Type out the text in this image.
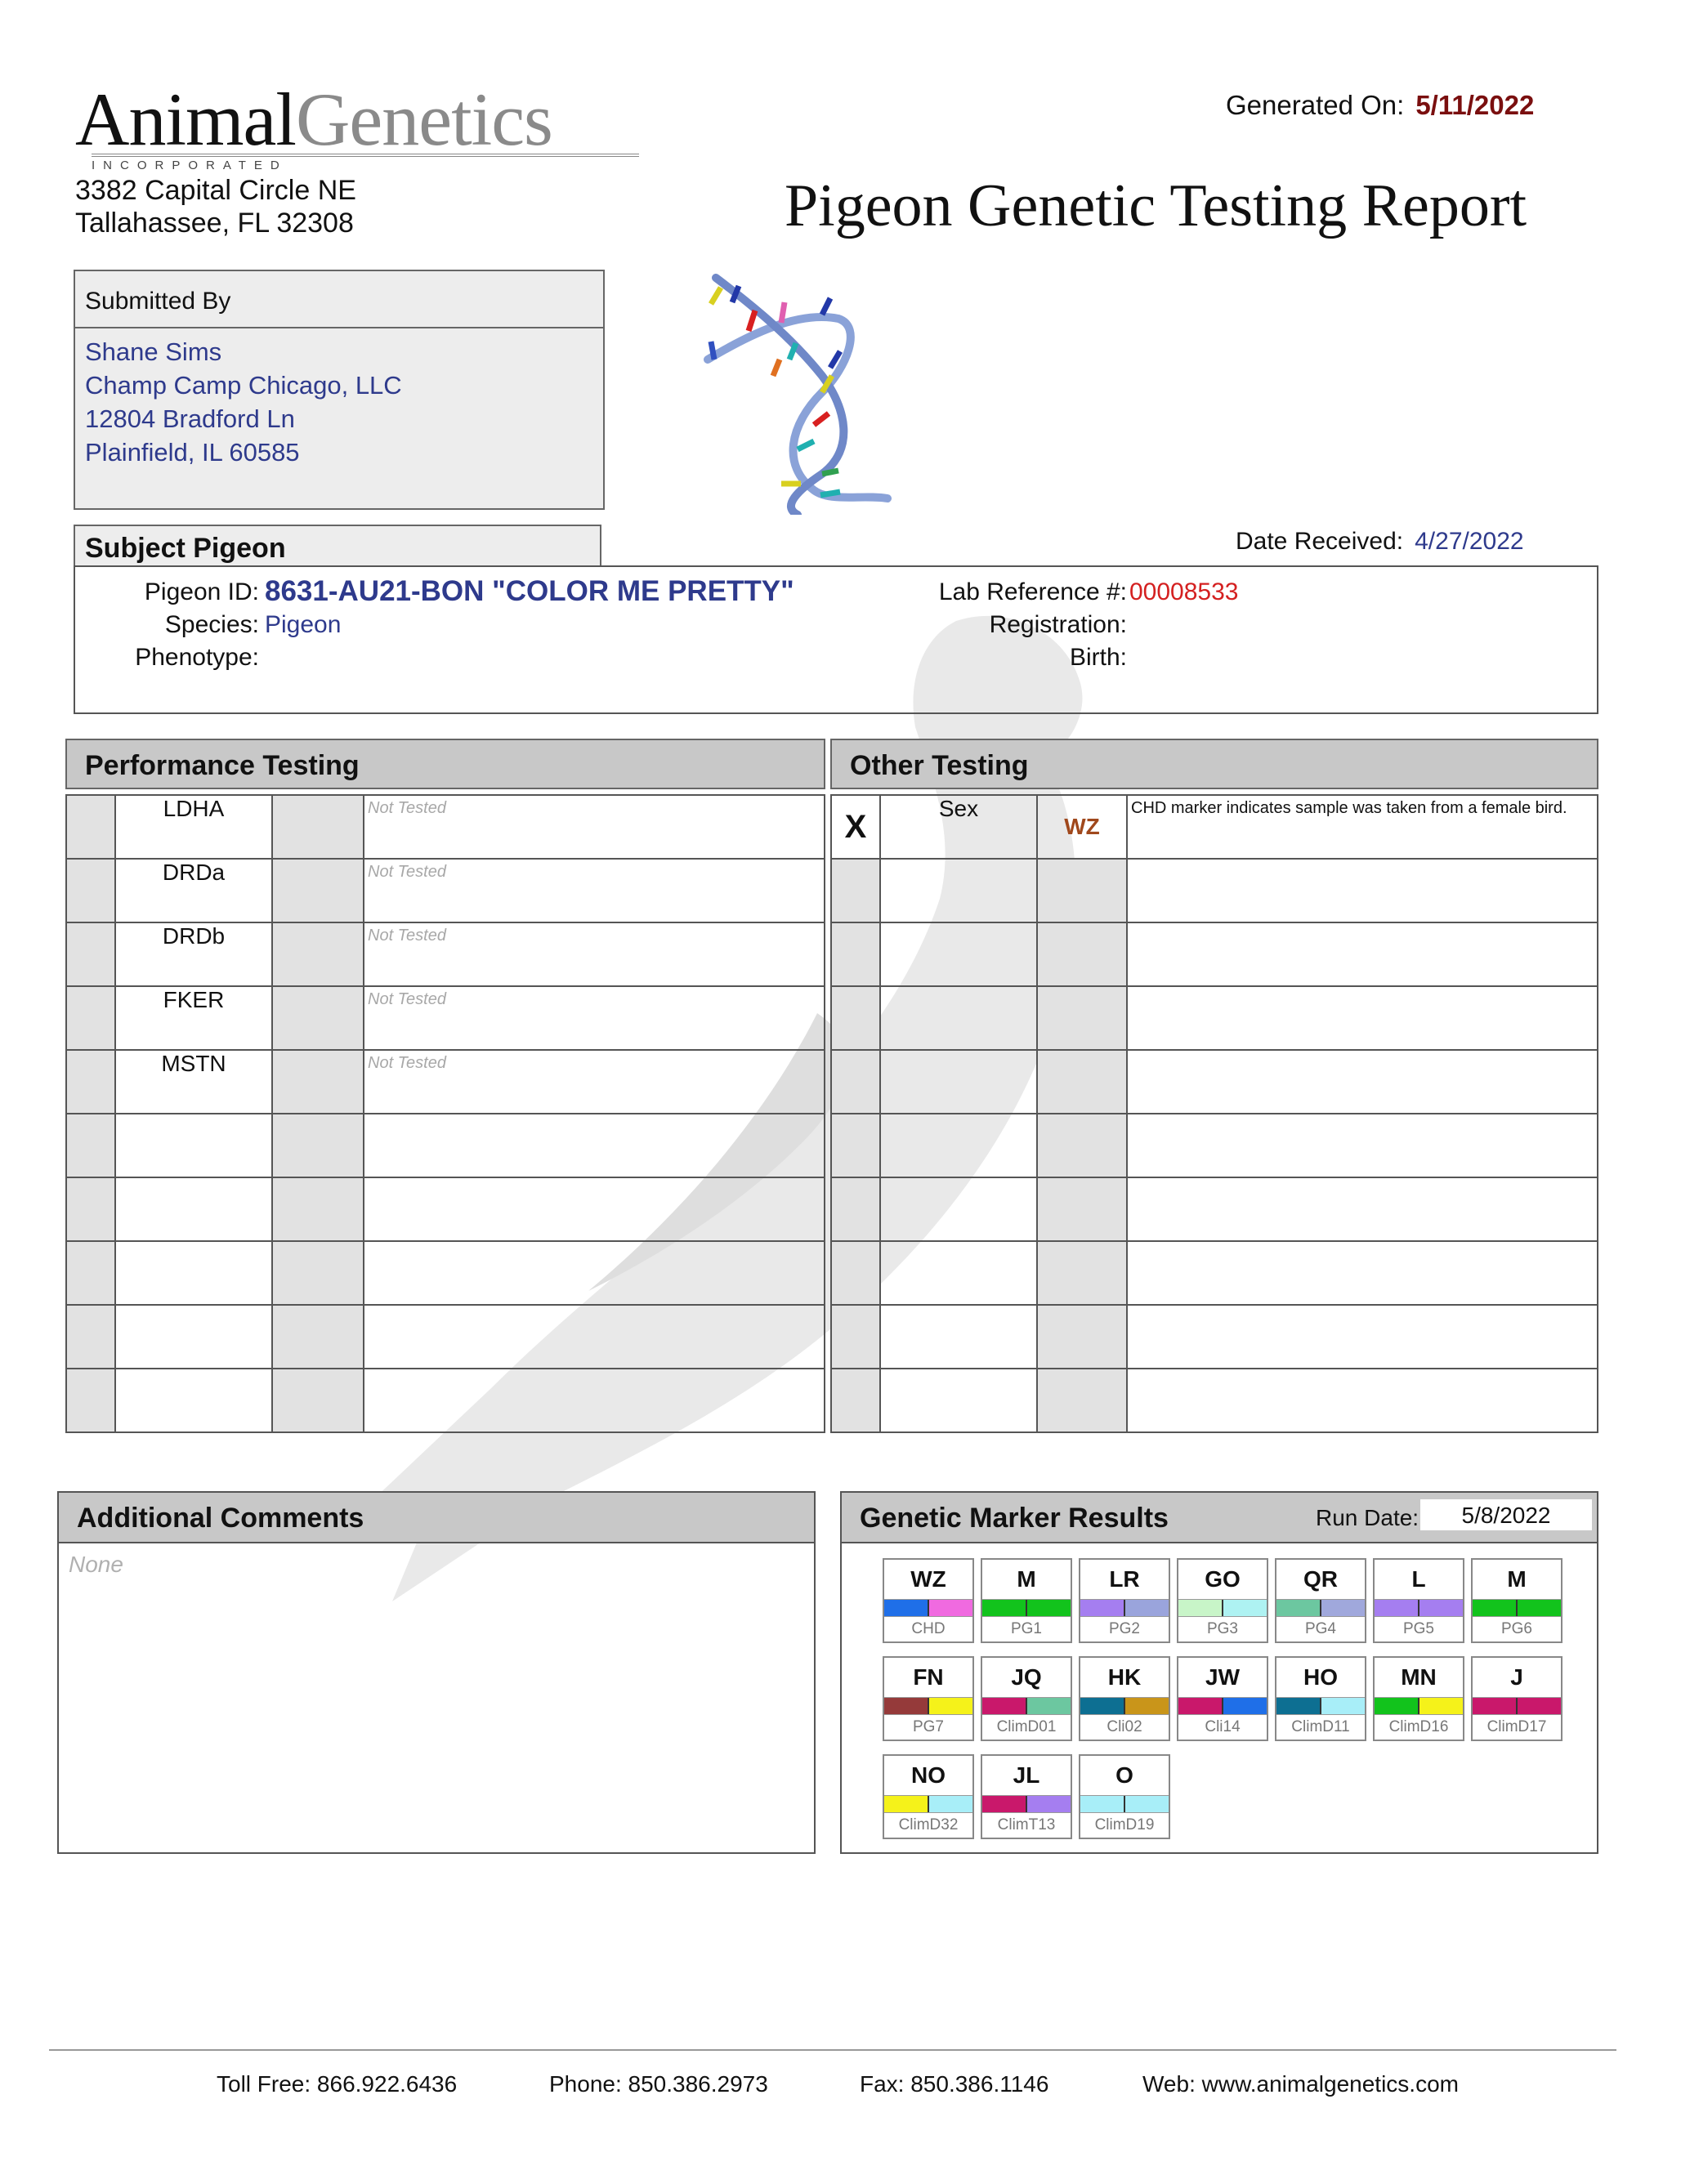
AnimalGenetics
INCORPORATED
3382 Capital Circle NE
Tallahassee, FL 32308
Generated On: 5/11/2022
Pigeon Genetic Testing Report
Submitted By
Shane Sims
Champ Camp Chicago, LLC
12804 Bradford Ln
Plainfield, IL 60585
Subject Pigeon	Date Received: 4/27/2022
Pigeon ID: 8631-AU21-BON "COLOR ME PRETTY"
Species: Pigeon
Phenotype:
Lab Reference #: 00008533
Registration:
Birth:
Performance Testing
	LDHA		Not Tested

	DRDa		Not Tested

	DRDb		Not Tested

	FKER		Not Tested

	MSTN		Not Tested

Other Testing
X	Sex	WZ	CHD marker indicates sample was taken from a female bird.

Additional Comments
None
Genetic Marker Results	Run Date:	5/8/2022
WZ
CHD
M
PG1
LR
PG2
GO
PG3
QR
PG4
L
PG5
M
PG6
FN
PG7
JQ
ClimD01
HK
Cli02
JW
Cli14
HO
ClimD11
MN
ClimD16
J
ClimD17
NO
ClimD32
JL
ClimT13
O
ClimD19
Toll Free: 866.922.6436	Phone: 850.386.2973	Fax: 850.386.1146	Web: www.animalgenetics.com
